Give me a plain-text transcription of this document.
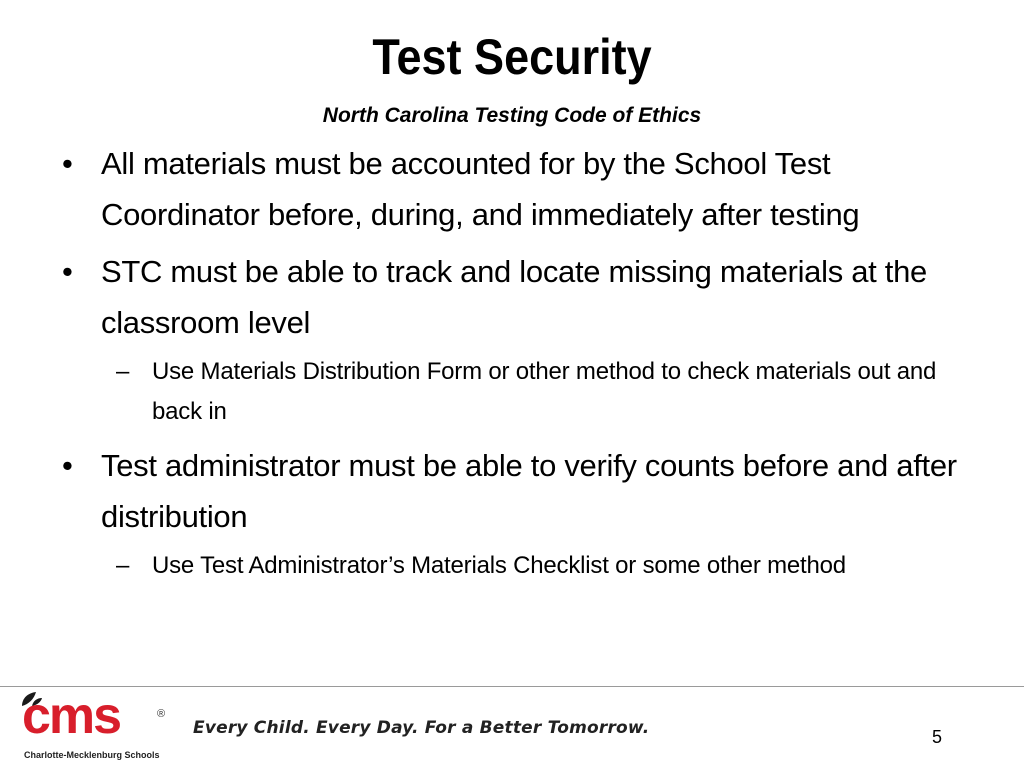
Test Security
North Carolina Testing Code of Ethics
• All materials must be accounted for by the School Test Coordinator before, during, and immediately after testing
• STC must be able to track and locate missing materials at the classroom level
– Use Materials Distribution Form or other method to check materials out and back in
• Test administrator must be able to verify counts before and after distribution
– Use Test Administrator’s Materials Checklist or some other method
cms	®
Charlotte-Mecklenburg Schools
Every Child. Every Day. For a Better Tomorrow.	5
